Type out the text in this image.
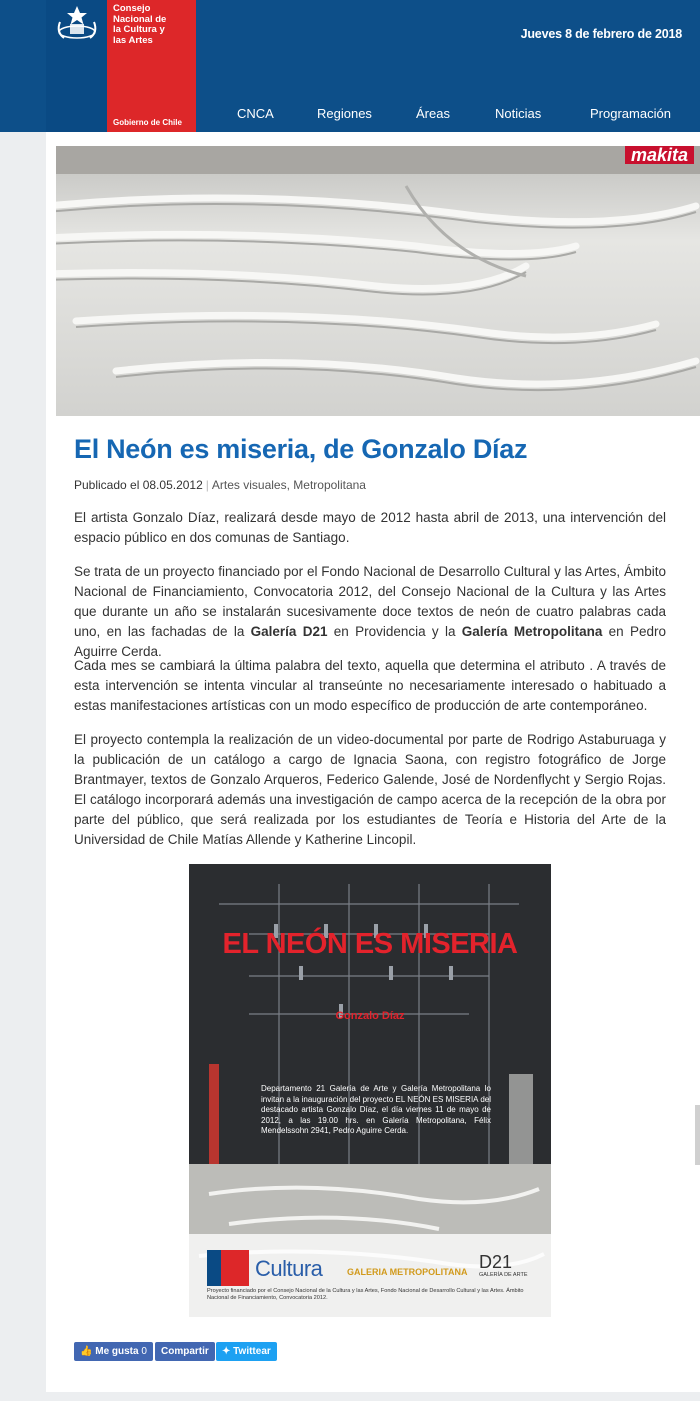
Consejo
Nacional de
la Cultura y
las Artes
Gobierno de Chile
Jueves 8 de febrero de 2018
CNCA	Regiones	Áreas	Noticias	Programación
makita
El Neón es miseria, de Gonzalo Díaz
Publicado el 08.05.2012 | Artes visuales, Metropolitana

El artista Gonzalo Díaz, realizará desde mayo de 2012 hasta abril de 2013, una intervención del espacio público en dos comunas de Santiago.

Se trata de un proyecto financiado por el Fondo Nacional de Desarrollo Cultural y las Artes, Ámbito Nacional de Financiamiento, Convocatoria 2012, del Consejo Nacional de la Cultura y las Artes que durante un año se instalarán sucesivamente doce textos de neón de cuatro palabras cada uno, en las fachadas de la Galería D21 en Providencia y la Galería Metropolitana en Pedro Aguirre Cerda.

Cada mes se cambiará la última palabra del texto, aquella que determina el atributo . A través de esta intervención se intenta vincular al transeúnte no necesariamente interesado o habituado a estas manifestaciones artísticas con un modo específico de producción de arte contemporáneo.

El proyecto contempla la realización de un video-documental por parte de Rodrigo Astaburuaga y la publicación de un catálogo a cargo de Ignacia Saona, con registro fotográfico de Jorge Brantmayer, textos de Gonzalo Arqueros, Federico Galende, José de Nordenflycht y Sergio Rojas. El catálogo incorporará además una investigación de campo acerca de la recepción de la obra por parte del público, que será realizada por los estudiantes de Teoría e Historia del Arte de la Universidad de Chile Matías Allende y Katherine Lincopil.

EL NEÓN ES MISERIA
Gonzalo Díaz
Departamento 21 Galería de Arte y Galería Metropolitana lo invitan a la inauguración del proyecto EL NEÓN ES MISERIA del destacado artista Gonzalo Díaz, el día viernes 11 de mayo de 2012, a las 19.00 hrs. en Galería Metropolitana, Félix Mendelssohn 2941, Pedro Aguirre Cerda.
Cultura	GALERIA METROPOLITANA D21
GALERÍA DE ARTE
Proyecto financiado por el Consejo Nacional de la Cultura y las Artes, Fondo Nacional de Desarrollo Cultural y las Artes. Ámbito Nacional de Financiamiento, Convocatoria 2012.
👍 Me gusta 0	Compartir	✦ Twittear
